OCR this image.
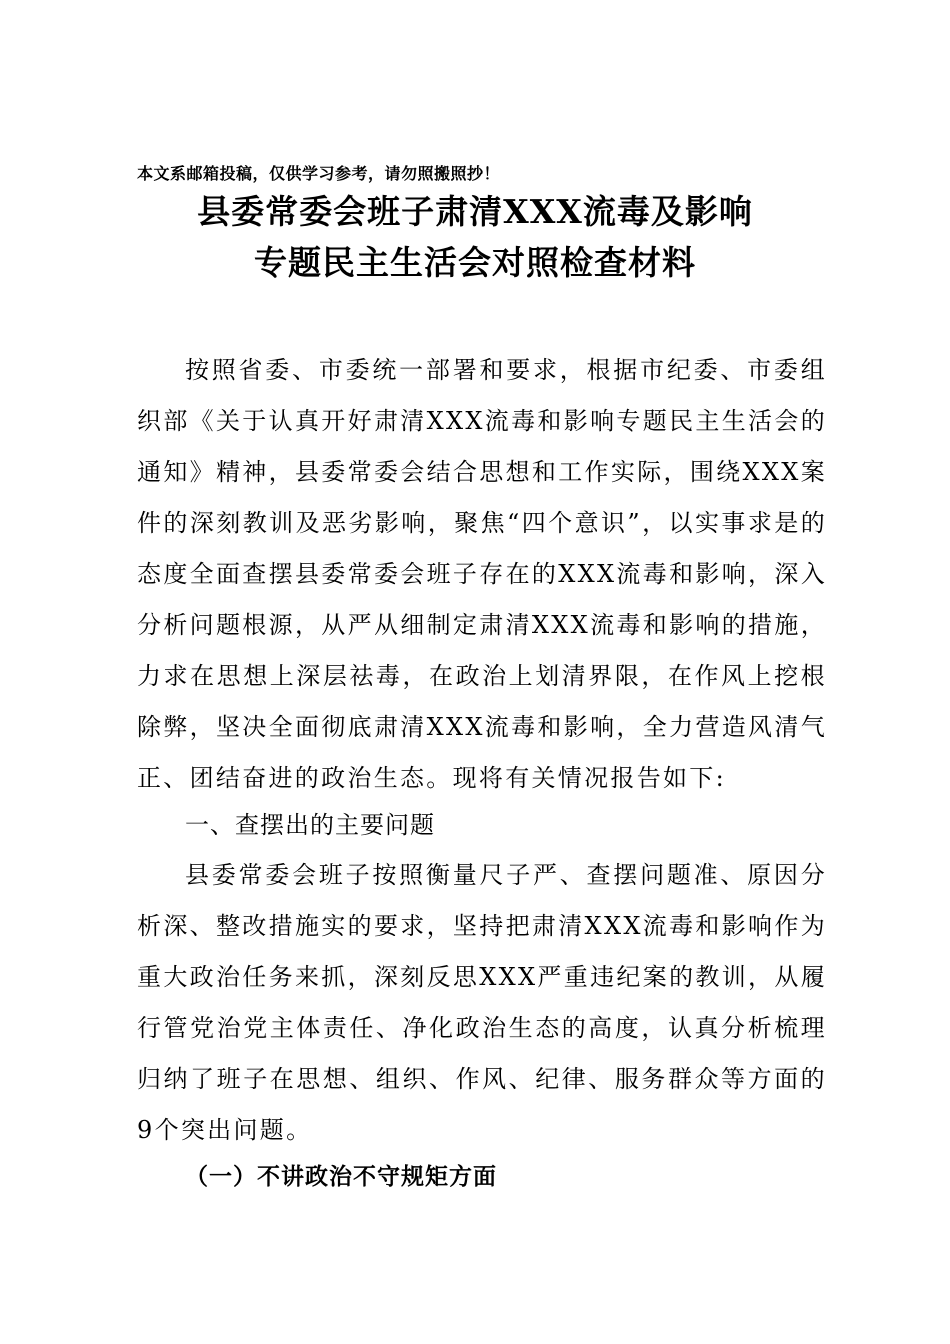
本文系邮箱投稿，仅供学习参考，请勿照搬照抄！
县委常委会班子肃清XXX流毒及影响
专题民主生活会对照检查材料

按照省委、市委统一部署和要求，根据市纪委、市委组织部《关于认真开好肃清XXX流毒和影响专题民主生活会的通知》精神，县委常委会结合思想和工作实际，围绕XXX案件的深刻教训及恶劣影响，聚焦“四个意识”，以实事求是的态度全面查摆县委常委会班子存在的XXX流毒和影响，深入分析问题根源，从严从细制定肃清XXX流毒和影响的措施，力求在思想上深层祛毒，在政治上划清界限，在作风上挖根除弊，坚决全面彻底肃清XXX流毒和影响，全力营造风清气正、团结奋进的政治生态。现将有关情况报告如下:

一、查摆出的主要问题

县委常委会班子按照衡量尺子严、查摆问题准、原因分析深、整改措施实的要求，坚持把肃清XXX流毒和影响作为重大政治任务来抓，深刻反思XXX严重违纪案的教训，从履行管党治党主体责任、净化政治生态的高度，认真分析梳理归纳了班子在思想、组织、作风、纪律、服务群众等方面的9个突出问题。

（一）不讲政治不守规矩方面
